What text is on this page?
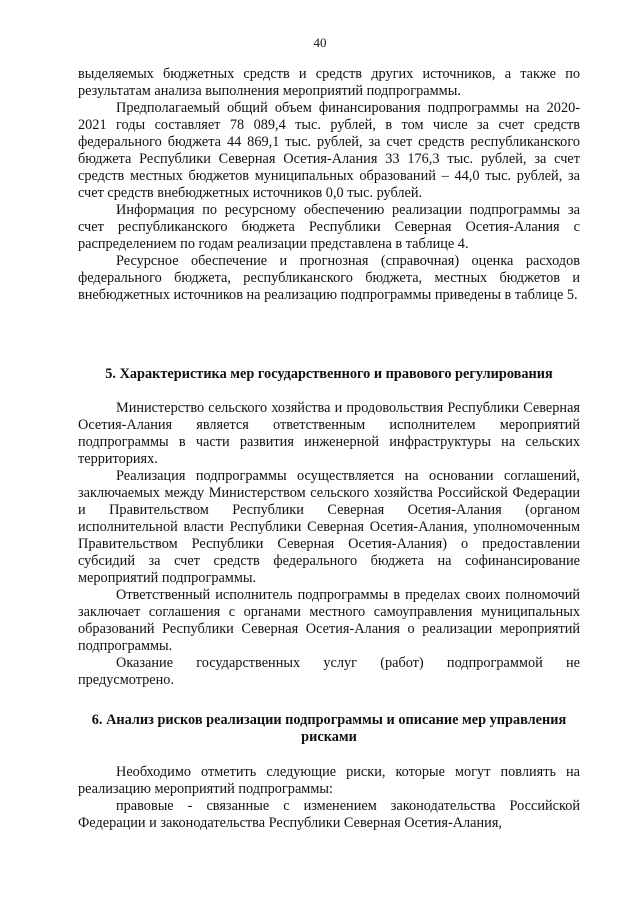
40

выделяемых бюджетных средств и средств других источников, а также по результатам анализа выполнения мероприятий подпрограммы.

Предполагаемый общий объем финансирования подпрограммы на 2020-2021 годы составляет 78 089,4 тыс. рублей, в том числе за счет средств федерального бюджета 44 869,1 тыс. рублей, за счет средств республиканского бюджета Республики Северная Осетия-Алания 33 176,3 тыс. рублей, за счет средств местных бюджетов муниципальных образований – 44,0 тыс. рублей, за счет средств внебюджетных источников 0,0 тыс. рублей.

Информация по ресурсному обеспечению реализации подпрограммы за счет республиканского бюджета Республики Северная Осетия-Алания с распределением по годам реализации представлена в таблице 4.

Ресурсное обеспечение и прогнозная (справочная) оценка расходов федерального бюджета, республиканского бюджета, местных бюджетов и внебюджетных источников на реализацию подпрограммы приведены в таблице 5.

5. Характеристика мер государственного и правового регулирования

Министерство сельского хозяйства и продовольствия Республики Северная Осетия-Алания является ответственным исполнителем мероприятий подпрограммы в части развития инженерной инфраструктуры на сельских территориях.

Реализация подпрограммы осуществляется на основании соглашений, заключаемых между Министерством сельского хозяйства Российской Федерации и Правительством Республики Северная Осетия-Алания (органом исполнительной власти Республики Северная Осетия-Алания, уполномоченным Правительством Республики Северная Осетия-Алания) о предоставлении субсидий за счет средств федерального бюджета на софинансирование мероприятий подпрограммы.

Ответственный исполнитель подпрограммы в пределах своих полномочий заключает соглашения с органами местного самоуправления муниципальных образований Республики Северная Осетия-Алания о реализации мероприятий подпрограммы.

Оказание государственных услуг (работ) подпрограммой не предусмотрено.

6. Анализ рисков реализации подпрограммы и описание мер управления рисками

Необходимо отметить следующие риски, которые могут повлиять на реализацию мероприятий подпрограммы:

правовые - связанные с изменением законодательства Российской Федерации и законодательства Республики Северная Осетия-Алания,
